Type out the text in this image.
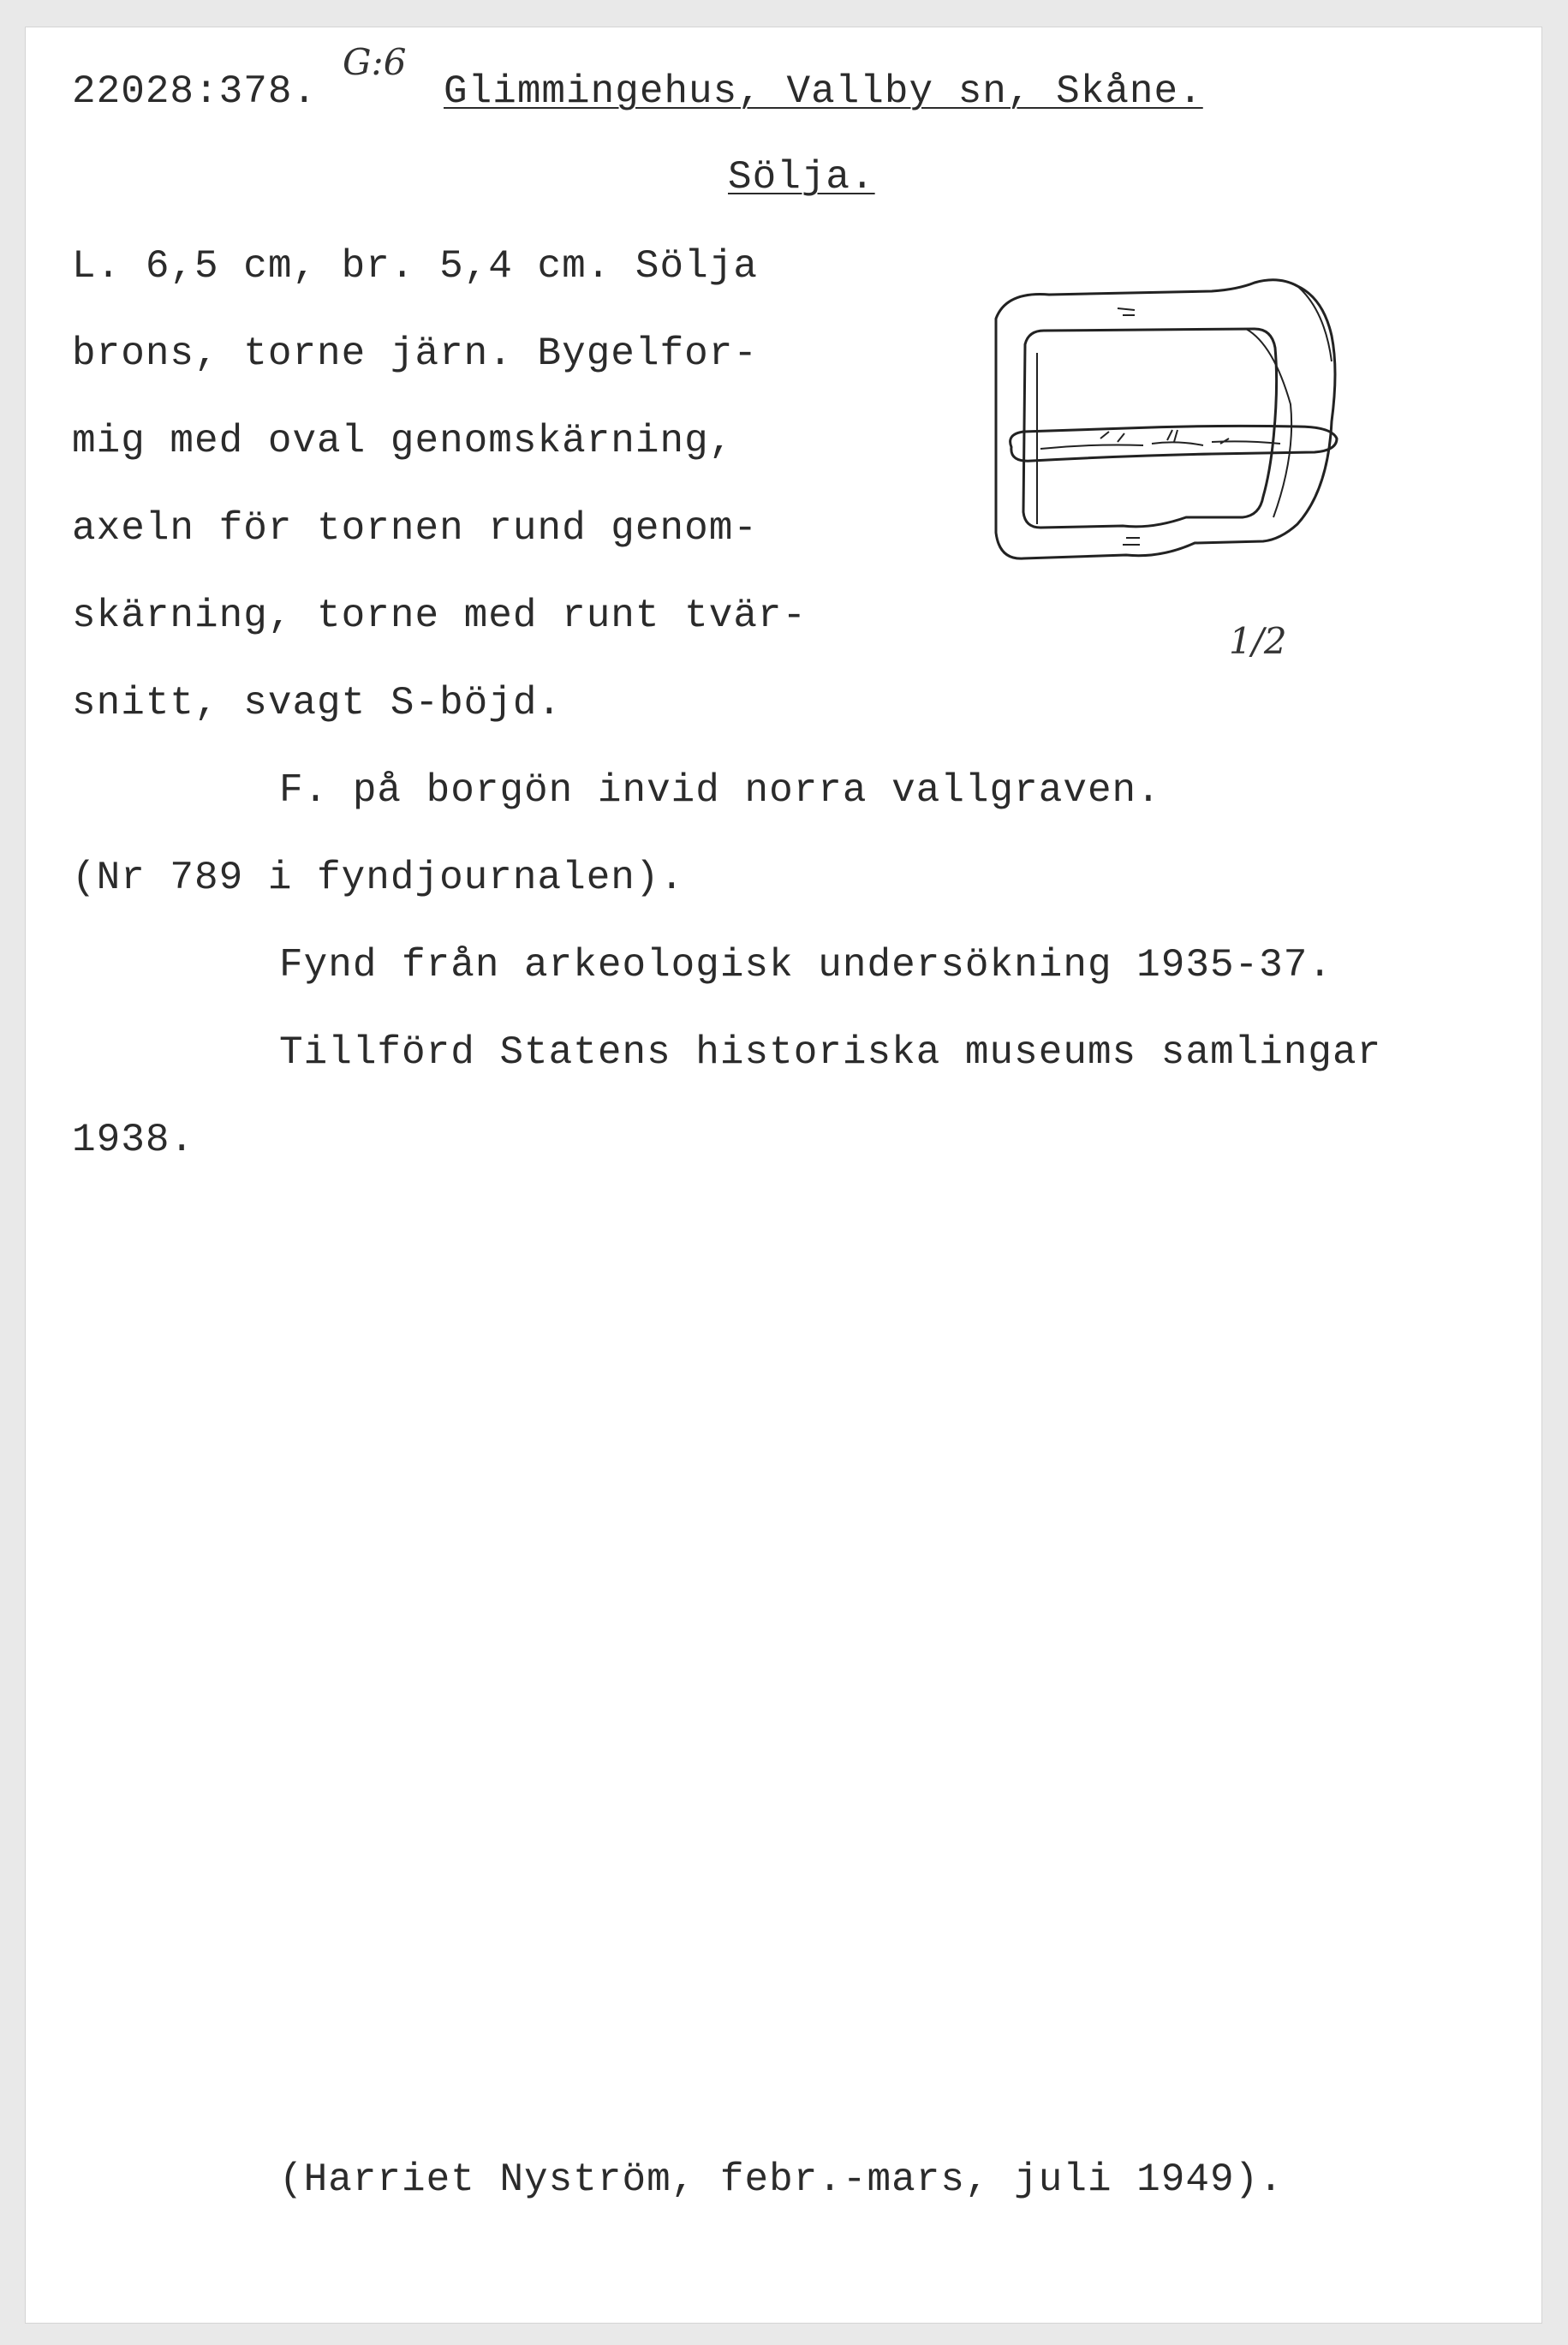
22028:378.
G:6
Glimmingehus, Vallby sn, Skåne.
Sölja.
L. 6,5 cm, br. 5,4 cm. Sölja
brons, torne järn. Bygelfor-
mig med oval genomskärning,
axeln för tornen rund genom-
skärning, torne med runt tvär-
snitt, svagt S-böjd.
1/2
F. på borgön invid norra vallgraven.
(Nr 789 i fyndjournalen).
Fynd från arkeologisk undersökning 1935-37.
Tillförd Statens historiska museums samlingar
1938.
(Harriet Nyström, febr.-mars, juli 1949).
